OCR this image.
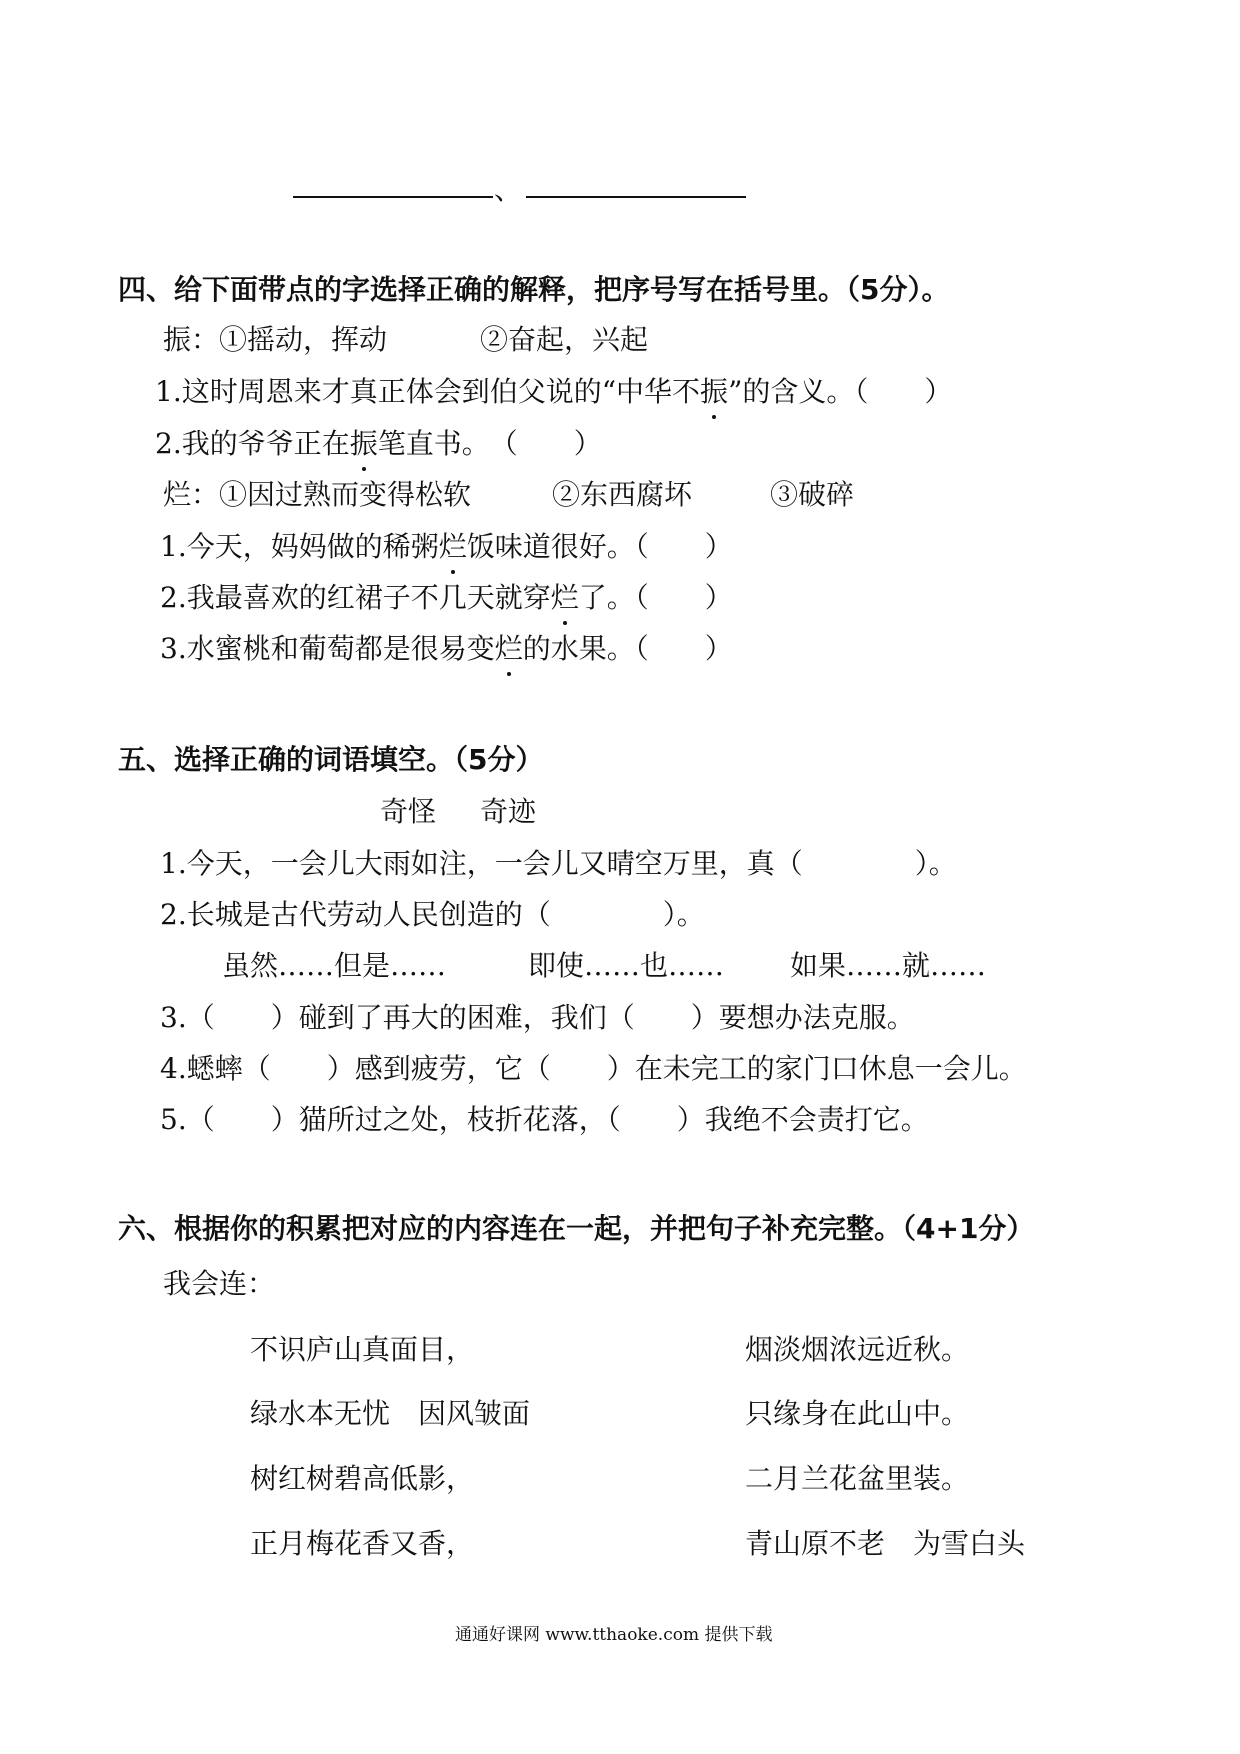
、
四、给下面带点的字选择正确的解释，把序号写在括号里。（5分）。
振：①摇动，挥动	②奋起，兴起
1.这时周恩来才真正体会到伯父说的“中华不振”的含义。（　　）
2.我的爷爷正在振笔直书。　（　　）
烂：①因过熟而变得松软	②东西腐坏	③破碎
1.今天，妈妈做的稀粥烂饭味道很好。（　　）
2.我最喜欢的红裙子不几天就穿烂了。（　　）
3.水蜜桃和葡萄都是很易变烂的水果。（　　）
五、选择正确的词语填空。（5分）
奇怪 奇迹
1.今天，一会儿大雨如注，一会儿又晴空万里，真（　　　　）。
2.长城是古代劳动人民创造的（　　　　）。
虽然……但是……	即使……也…… 如果……就……
3.（　　）碰到了再大的困难，我们（　　）要想办法克服。
4.蟋蟀（　　）感到疲劳，它（　　）在未完工的家门口休息一会儿。
5.（　　）猫所过之处，枝折花落，（　　）我绝不会责打它。
六、根据你的积累把对应的内容连在一起，并把句子补充完整。（4+1分）
我会连：
不识庐山真面目，
绿水本无忧　因风皱面
树红树碧高低影，
正月梅花香又香，
烟淡烟浓远近秋。
只缘身在此山中。
二月兰花盆里装。
青山原不老　为雪白头
通通好课网 www.tthaoke.com 提供下载
